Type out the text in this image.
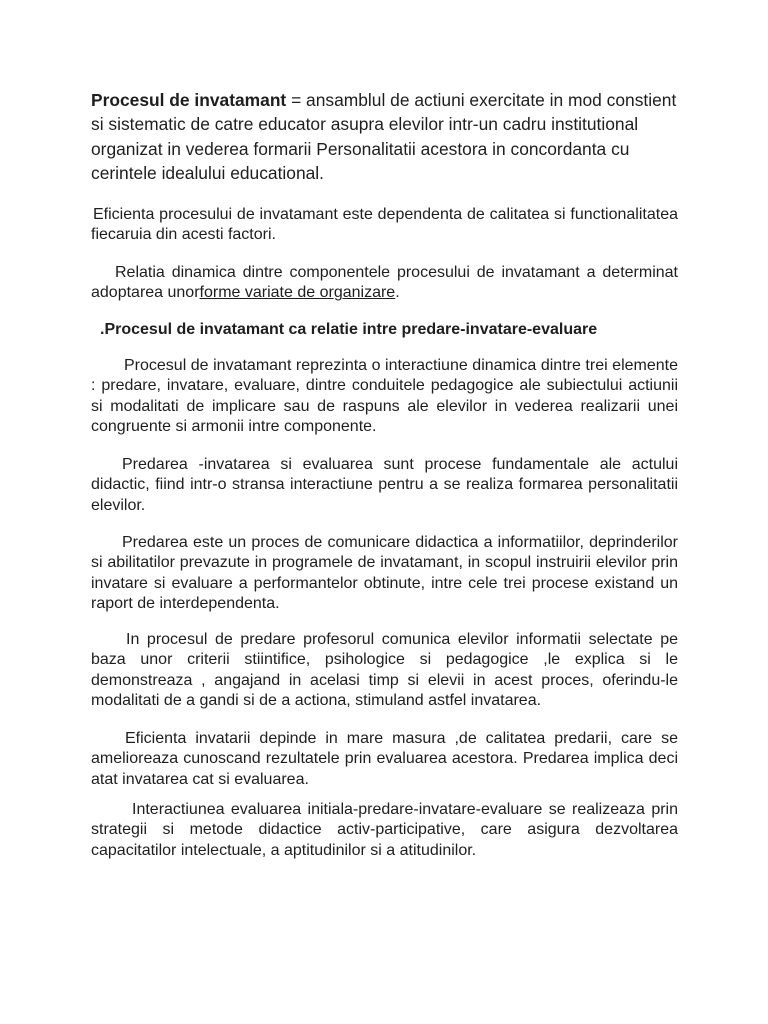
Procesul de invatamant = ansamblul de actiuni exercitate in mod constient si sistematic de catre educator asupra elevilor intr-un cadru institutional organizat in vederea formarii Personalitatii acestora in concordanta cu cerintele idealului educational.

Eficienta procesului de invatamant este dependenta de calitatea si functionalitatea fiecaruia din acesti factori.

Relatia dinamica dintre componentele procesului de invatamant a determinat adoptarea unorforme variate de organizare.

.Procesul de invatamant ca relatie intre predare-invatare-evaluare

Procesul de invatamant reprezinta o interactiune dinamica dintre trei elemente : predare, invatare, evaluare, dintre conduitele pedagogice ale subiectului actiunii si modalitati de implicare sau de raspuns ale elevilor in vederea realizarii unei congruente si armonii intre componente.

Predarea -invatarea si evaluarea sunt procese fundamentale ale actului didactic, fiind intr-o stransa interactiune pentru a se realiza formarea personalitatii elevilor.

Predarea este un proces de comunicare didactica a informatiilor, deprinderilor si abilitatilor prevazute in programele de invatamant, in scopul instruirii elevilor prin invatare si evaluare a performantelor obtinute, intre cele trei procese existand un raport de interdependenta.

In procesul de predare profesorul comunica elevilor informatii selectate pe baza unor criterii stiintifice, psihologice si pedagogice ,le explica si le demonstreaza , angajand in acelasi timp si elevii in acest proces, oferindu-le modalitati de a gandi si de a actiona, stimuland astfel invatarea.

Eficienta invatarii depinde in mare masura ,de calitatea predarii, care se amelioreaza cunoscand rezultatele prin evaluarea acestora. Predarea implica deci atat invatarea cat si evaluarea.

Interactiunea evaluarea initiala-predare-invatare-evaluare se realizeaza prin strategii si metode didactice activ-participative, care asigura dezvoltarea capacitatilor intelectuale, a aptitudinilor si a atitudinilor.
